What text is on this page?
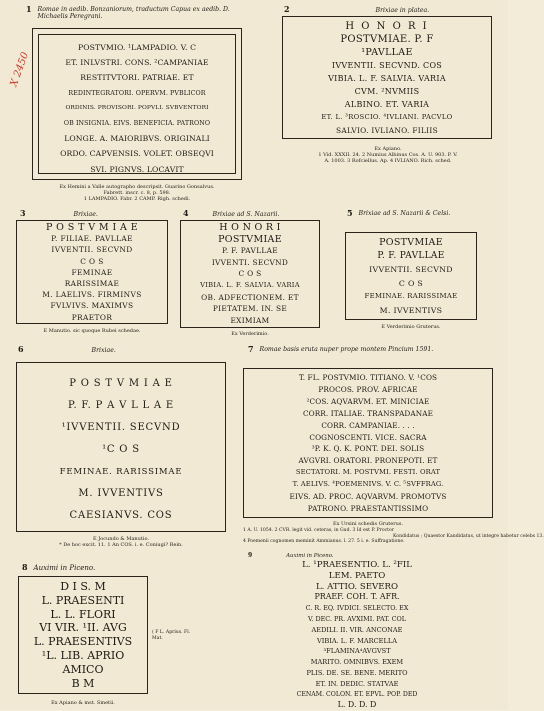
X 2450
1 Romae in aedib. Bonzaniorum, traductum Capua ex aedib. D. Michaelis Peregrani.
POSTVMIO. ¹LAMPADIO. V. C
ET. INLVSTRI. CONS. ²CAMPANIAE
RESTITVTORI. PATRIAE. ET
REDINTEGRATORI. OPERVM. PVBLICOR
ORDINIS. PROVISORI. POPVLI. SVBVENTORI
OB INSIGNIA. EIVS. BENEFICIA. PATRONO
LONGE. A. MAIORIBVS. ORIGINALI
ORDO. CAPVENSIS. VOLET. OBSEQVI
SVI. PIGNVS. LOCAVIT
Ex Hemini a Valle autographo descripsit. Guarino Gonsalvus.
Fabrett. inscr. c. 8, p. 598.
1 LAMPADIO. Fabr. 2 CAMP. Righ. schedi.
2	Brixiae in platea.
H O N O R I
POSTVMIAE. P. F
¹PAVLLAE
IVVENTII. SECVND. COS
VIBIA. L. F. SALVIA. VARIA
CVM. ²NVMIIS
ALBINO. ET. VARIA
ET. L. ³ROSCIO. ⁴IVLIANI. PACVLO
SALVIO. IVLIANO. FILIIS
Ex Apiano.
1 Vid. XXXII. 24. 2 Numius Albinus Cos. A. U. 903. P. V.
A. 1003. 3 Rofciellus. Ap. 4 IVLIANO. Rich. sched.
3	Brixiae.
P O S T V M I A E
P. FILIAE. PAVLLAE
IVVENTII. SECVND
C O S
FEMINAE
RARISSIMAE
M. LAELIVS. FIRMINVS
FVLVIVS. MAXIMVS
PRAETOR
E Manutio. sic quoque Rubei schedae.
4	Brixiae ad S. Nazarii.
H O N O R I
POSTVMIAE
P. F. PAVLLAE
IVVENTI. SECVND
C O S
VIBIA. L. F. SALVIA. VARIA
OB. ADFECTIONEM. ET
PIETATEM. IN. SE
EXIMIAM
Ex Verderimio.
5 Brixiae ad S. Nazarii & Celsi.
POSTVMIAE
P. F. PAVLLAE
IVVENTII. SECVND
C O S
FEMINAE. RARISSIMAE
M. IVVENTIVS
E Verderimio Gruterus.
6	Brixiae.
P O S T V M I A E
P. F. P A V L L A E
¹IVVENTII. SECVND
¹C O S
FEMINAE. RARISSIMAE
M. IVVENTIVS
CAESIANVS. COS
E Jocundo & Manutio.
* De hoc excit. 11. 1 An COS. i. e. Coniugi? Rein.
7 Romae basis eruta nuper prope montem Pincium 1591.
T. FL. POSTVMIO. TITIANO. V. ¹COS
PROCOS. PROV. AFRICAE
²COS. AQVARVM. ET. MINICIAE
CORR. ITALIAE. TRANSPADANAE
CORR. CAMPANIAE. . . .
COGNOSCENTI. VICE. SACRA
³P. K. Q. K. PONT. DEI. SOLIS
AVGVRI. ORATORI. PRONEPOTI. ET
SECTATORI. M. POSTVMI. FESTI. ORAT
T. AELIVS. ⁴POEMENIVS. V. C. ⁵SVFFRAG.
EIVS. AD. PROC. AQVARVM. PROMOTVS
PATRONO. PRAESTANTISSIMO
Ex Ursini schedis Gruterus.
1 A. U. 1054. 2 CVR. legit vid. ceteras, in Gud. 3 Id est P. Proctor
Kondidatus ; Quaestor Kandidatus, ut integre habetur celebs 13.
4 Poemenii cognomen meminit Ammianus. l. 27. 5 i. e. Suffragatione.
8 Auximi in Piceno.
D I S. M
L. PRAESENTI
L. L. FLORI
VI VIR. ¹II. AVG
L. PRAESENTIVS
¹L. LIB. APRIO
AMICO
B M
( F L. Aprius. Fl. Mat.
Ex Apiano & mst. Smetii.
9	Auximi in Piceno.
L. ¹PRAESENTIO. L. ²FIL
LEM. PAETO
L. ATTIO. SEVERO
PRAEF. COH. T. AFR.
C. R. EQ. IVDICI. SELECTO. EX
V. DEC. PR. AVXIMI. PAT. COL
AEDILI. II. VIR. ANCONAE
VIBIA. L. F. MARCELLA
³FLAMINA⁴AVGVST
MARITO. OMNIBVS. EXEM
PLIS. DE. SE. BENE. MERITO
ET. IN. DEDIC. STATVAE
CENAM. COLON. ET. EPVL. POP. DED
L. D. D. D
